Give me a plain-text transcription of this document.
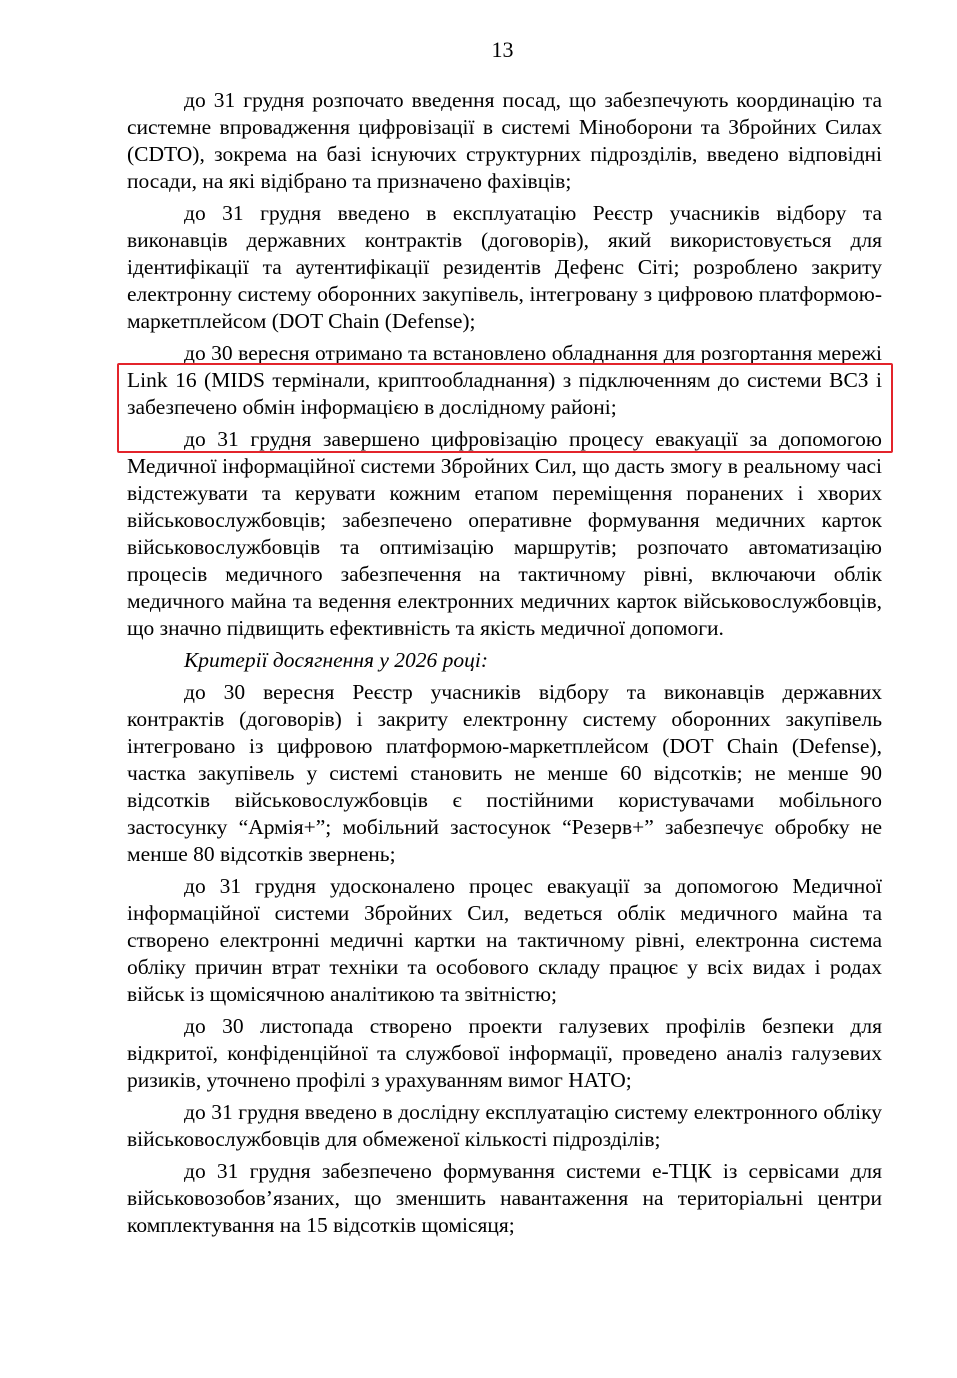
13

до 31 грудня розпочато введення посад, що забезпечують координацію та системне впровадження цифровізації в системі Міноборони та Збройних Силах (CDTO), зокрема на базі існуючих структурних підрозділів, введено відповідні посади, на які відібрано та призначено фахівців;

до 31 грудня введено в експлуатацію Реєстр учасників відбору та виконавців державних контрактів (договорів), який використовується для ідентифікації та аутентифікації резидентів Дефенс Сіті; розроблено закриту електронну систему оборонних закупівель, інтегровану з цифровою платформою-маркетплейсом (DOT Chain (Defense);

до 30 вересня отримано та встановлено обладнання для розгортання мережі Link 16 (MIDS термінали, криптообладнання) з підключенням до системи ВСЗ і забезпечено обмін інформацією в дослідному районі;

до 31 грудня завершено цифровізацію процесу евакуації за допомогою Медичної інформаційної системи Збройних Сил, що дасть змогу в реальному часі відстежувати та керувати кожним етапом переміщення поранених і хворих військовослужбовців; забезпечено оперативне формування медичних карток військовослужбовців та оптимізацію маршрутів; розпочато автоматизацію процесів медичного забезпечення на тактичному рівні, включаючи облік медичного майна та ведення електронних медичних карток військовослужбовців, що значно підвищить ефективність та якість медичної допомоги.

Критерії досягнення у 2026 році:

до 30 вересня Реєстр учасників відбору та виконавців державних контрактів (договорів) і закриту електронну систему оборонних закупівель інтегровано із цифровою платформою-маркетплейсом (DOT Chain (Defense), частка закупівель у системі становить не менше 60 відсотків; не менше 90 відсотків військовослужбовців є постійними користувачами мобільного застосунку “Армія+”; мобільний застосунок “Резерв+” забезпечує обробку не менше 80 відсотків звернень;

до 31 грудня удосконалено процес евакуації за допомогою Медичної інформаційної системи Збройних Сил, ведеться облік медичного майна та створено електронні медичні картки на тактичному рівні, електронна система обліку причин втрат техніки та особового складу працює у всіх видах і родах військ із щомісячною аналітикою та звітністю;

до 30 листопада створено проекти галузевих профілів безпеки для відкритої, конфіденційної та службової інформації, проведено аналіз галузевих ризиків, уточнено профілі з урахуванням вимог НАТО;

до 31 грудня введено в дослідну експлуатацію систему електронного обліку військовослужбовців для обмеженої кількості підрозділів;

до 31 грудня забезпечено формування системи е-ТЦК із сервісами для військовозобов’язаних, що зменшить навантаження на територіальні центри комплектування на 15 відсотків щомісяця;
